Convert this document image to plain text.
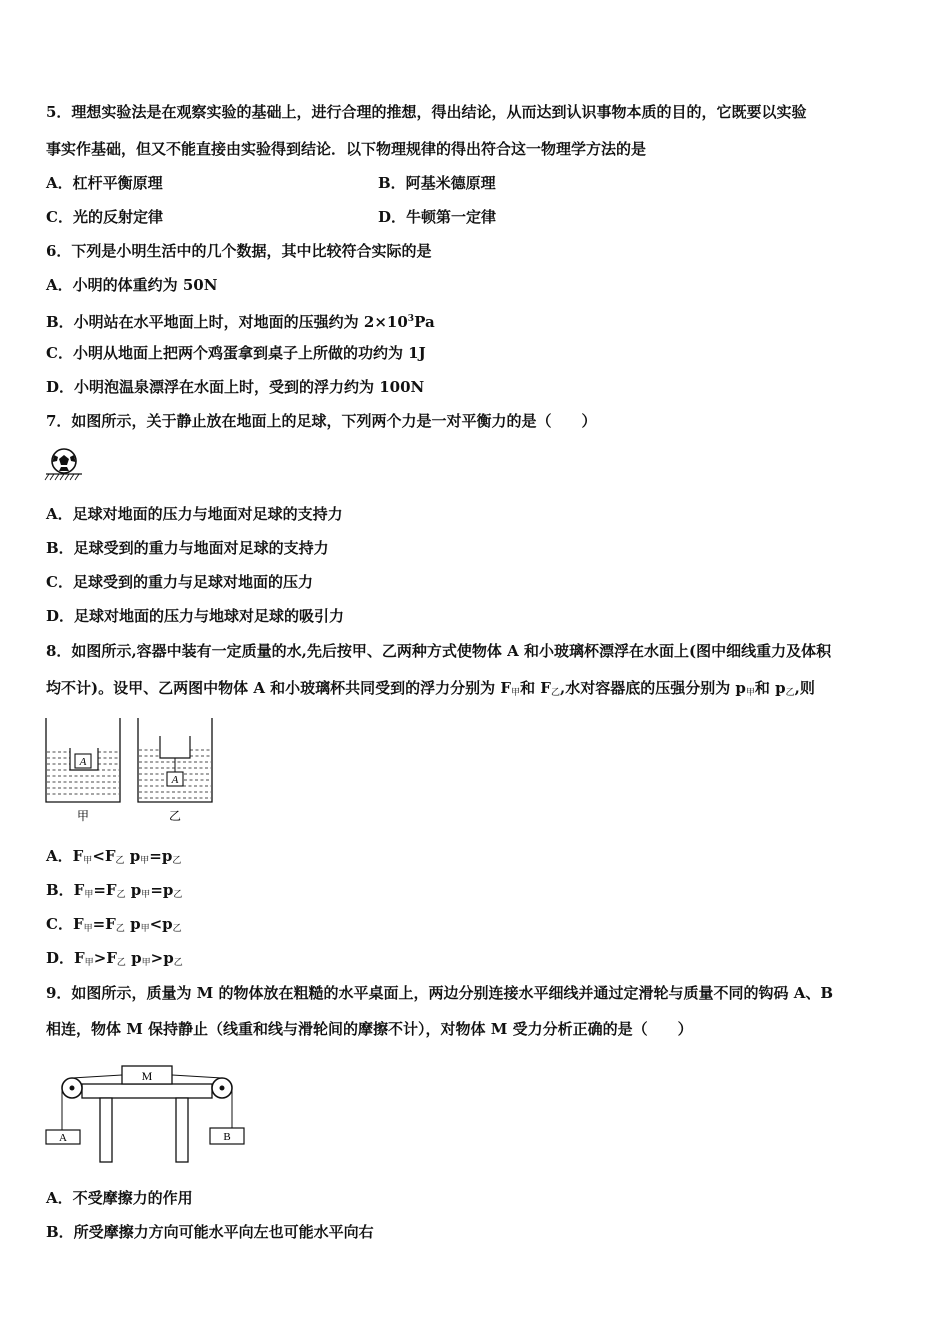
5．理想实验法是在观察实验的基础上，进行合理的推想，得出结论，从而达到认识事物本质的目的，它既要以实验
事实作基础，但又不能直接由实验得到结论．以下物理规律的得出符合这一物理学方法的是
A．杠杆平衡原理	B．阿基米德原理
C．光的反射定律	D．牛顿第一定律
6．下列是小明生活中的几个数据，其中比较符合实际的是
A．小明的体重约为 50N
B．小明站在水平地面上时，对地面的压强约为 $2\times 10^3Pa$
C．小明从地面上把两个鸡蛋拿到桌子上所做的功约为 1J
D．小明泡温泉漂浮在水面上时，受到的浮力约为 100N
7．如图所示，关于静止放在地面上的足球，下列两个力是一对平衡力的是（　　）
A．足球对地面的压力与地面对足球的支持力
B．足球受到的重力与地面对足球的支持力
C．足球受到的重力与足球对地面的压力
D．足球对地面的压力与地球对足球的吸引力
8．如图所示,容器中装有一定质量的水,先后按甲、乙两种方式使物体 A 和小玻璃杯漂浮在水面上(图中细线重力及体积
均不计)。设甲、乙两图中物体 A 和小玻璃杯共同受到的浮力分别为 $F_甲$和 $F_乙$,水对容器底的压强分别为 $p_甲$和 $p_乙$,则
A
A
甲	乙
A．$F_甲<F_乙$ $p_甲=p_乙$
B．$F_甲=F_乙$ $p_甲=p_乙$
C．$F_甲=F_乙$ $p_甲<p_乙$
D．$F_甲>F_乙$ $p_甲>p_乙$
9．如图所示，质量为 M 的物体放在粗糙的水平桌面上，两边分别连接水平细线并通过定滑轮与质量不同的钩码 A、B
相连，物体 M 保持静止（线重和线与滑轮间的摩擦不计），对物体 M 受力分析正确的是（　　）
M
A	B
A．不受摩擦力的作用
B．所受摩擦力方向可能水平向左也可能水平向右
